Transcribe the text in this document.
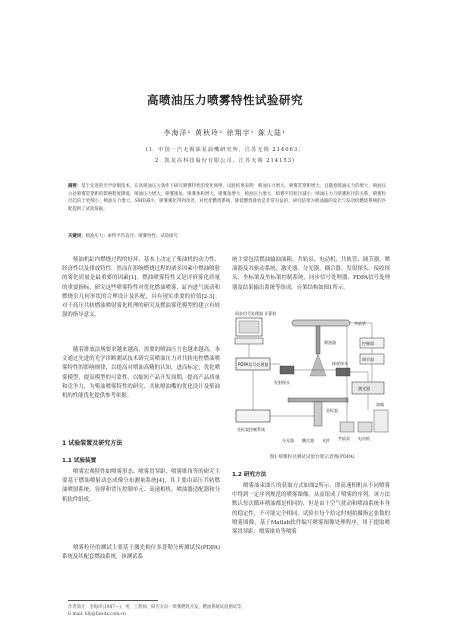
高喷油压力喷雾特性试验研究
李海洋¹ 黄秋玲² 徐翔宇¹ 陈大陆¹
(1. 中国一汽无锡油泵油嘴研究所，江苏无锡 214063；
2. 凯龙高科技股份有限公司，江苏无锡 214153)
摘要：基于先进的光学诊断技术，在高喷油压力条件下研究喷雾特性的变化规律。试验结果表明：喷油压力增大，喷雾贯穿距增大；且随着喷油压力的增大，喷油压力对喷雾贯穿距的影响程度降低；喷油压力增大，喷雾锥角、喷雾体积增大，喷雾角增大；喷油压力增大，喷雾平均粒径减小；喷油压力与喷雾粒径的关系，喷雾粒径趋向于更细小；喷油压力增大，SMD减小，喷雾雾化得到改善，对优化燃烧系统、降低燃烧排放是非常有益的；研究结果为喷油器的设计与发动机燃烧系统的匹配提供了试验依据。
关键词：喷油压力；索特平均直径；喷雾特性；试验研究
柴油机缸内燃烧过程的好坏，基本上决定了柴油机的动力性、经济性以及排放特性，然而在影响燃烧过程的诸多因素中燃油喷射的雾化质量是最重要的因素[1]。燃油喷雾特性又是评价雾化质量的重要指标，研究这些喷雾特性对优化燃油喷雾、缸内进气流动和燃烧室几何形状的合理设计及匹配，具有现实重要的价值[2-3]。对于高压共轨燃油喷射雾化机理的研究及燃油雾化模型的建立有较强的指导意义。
随着排放法规要求越来越高，需要的喷油压力也越来越高，本文通过先进的光学诊断测试技术研究高喷油压力对共轨电控燃油喷雾特性的影响规律，以提高对喷油高精的认知，进而标定，优化喷雾模型，提高模型的可靠性，以缩短产品开发周期，提高产品质量和竞争力，为柴油喷雾特性的研究、共轨喷油嘴的优化设计及柴油机的性能优化提供参考依据。
1 试验装置及研究方法
1.1 试验装置
喷雾宏观特性如喷雾形态、喷雾贯穿距、喷雾锥角等的研究主要基于燃油喷射动态成像分布测量系统[4]，其主要由高压共轨燃油喷射系统、容弹和背压控制单元、高速相机、喷油器适配器和分析软件组成。
喷雾粒径的测试主要基于激光相位多普勒分析测试仪(PDPA)系统及其配套燃油系统，该测试系
统主要包括燃油输油油箱、共轨泵、电动机、共轨管、调节器、喷油器及其驱动系统、激光器、分光器、耦合器、发射探头、接收探头、坐标架及坐标架控制系统、同步信号处理器、PDPA信号处理器及结果输出系统等组成。台架结构如图1所示。
同步信号处理器 计算机
PDPA信号处理器
坐标架控制系统
共轨管
喷油器
发射探头
接收探头
激光器
控制器
调节器
坐标架
共轨泵 电动机
油箱
分光器 耦合器 光纤
图1 喷雾粒径测试试验台架示意图(PDPA)
1.2 研究方法
喷雾油束图片的获取方式如图2所示，即高速相机从不同喷雾中得到一定序列规范的喷雾图像，从而组成了喷雾的序列。该方法默认每次循环喷油都是相同的，但是由于空气扰动和喷油系统本身的稳定性，不可能完全相同，试验在每个给定时刻拍摄指定张数的喷雾图像，基于Matlab软件编写喷雾图像处理程序，用于提取喷雾贯穿距、喷雾锥角等喷雾
作者简介：李海洋(1987—)，男，工程师，研究方向：喷雾燃烧开发，燃油系统试验测试等。
E-mail: hly@fawdx.com.cn
